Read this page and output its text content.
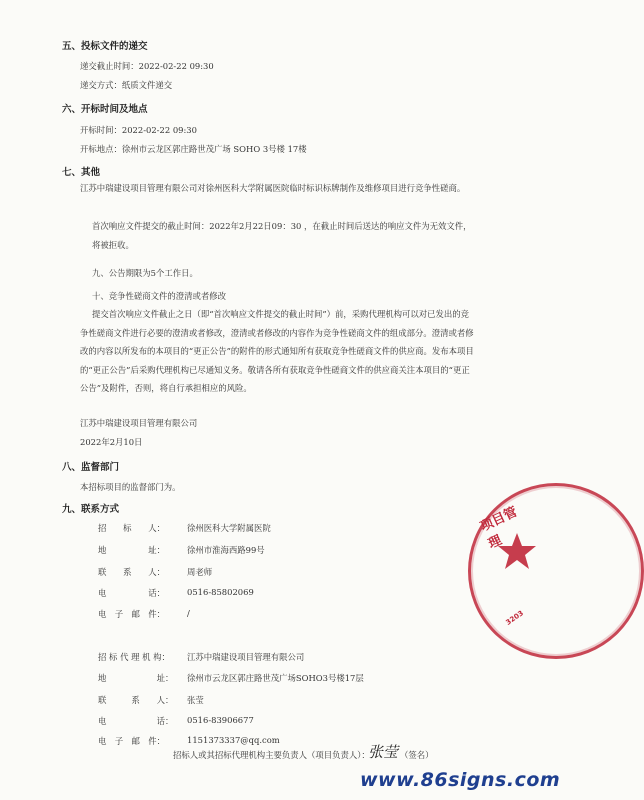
五、投标文件的递交
递交截止时间：2022-02-22 09:30
递交方式：纸质文件递交
六、开标时间及地点
开标时间：2022-02-22 09:30
开标地点：徐州市云龙区郭庄路世茂广场 SOHO 3号楼 17楼
七、其他
江苏中瑞建设项目管理有限公司对徐州医科大学附属医院临时标识标牌制作及维修项目进行竞争性磋商。
首次响应文件提交的截止时间：2022年2月22日09：30 ，在截止时间后送达的响应文件为无效文件，将被拒收。
九、公告期限为5个工作日。
十、竞争性磋商文件的澄清或者修改
提交首次响应文件截止之日（即“首次响应文件提交的截止时间”）前，采购代理机构可以对已发出的竞争性磋商文件进行必要的澄清或者修改，澄清或者修改的内容作为竞争性磋商文件的组成部分。澄清或者修改的内容以所发布的本项目的“更正公告”的附件的形式通知所有获取竞争性磋商文件的供应商。发布本项目的“更正公告”后采购代理机构已尽通知义务。敬请各所有获取竞争性磋商文件的供应商关注本项目的“更正公告”及附件，否则，将自行承担相应的风险。
江苏中瑞建设项目管理有限公司
2022年2月10日
八、监督部门
本招标项目的监督部门为。
九、联系方式
招　　标　　人：	徐州医科大学附属医院
地　　　　　址：	徐州市淮海西路99号
联　　系　　人：	周老师
电　　　　　话：	0516-85802069
电　子　邮　件：	/
招 标 代 理 机 构： 江苏中瑞建设项目管理有限公司
地　　　　　　址： 徐州市云龙区郭庄路世茂广场SOHO3号楼17层
联　　　系　　人： 张莹
电　　　　　　话： 0516-83906677
电　子　邮　件：	1151373337@qq.com
招标人或其招标代理机构主要负责人（项目负责人）：
张莹 （签名）
项目管理
3203
www.86signs.com
